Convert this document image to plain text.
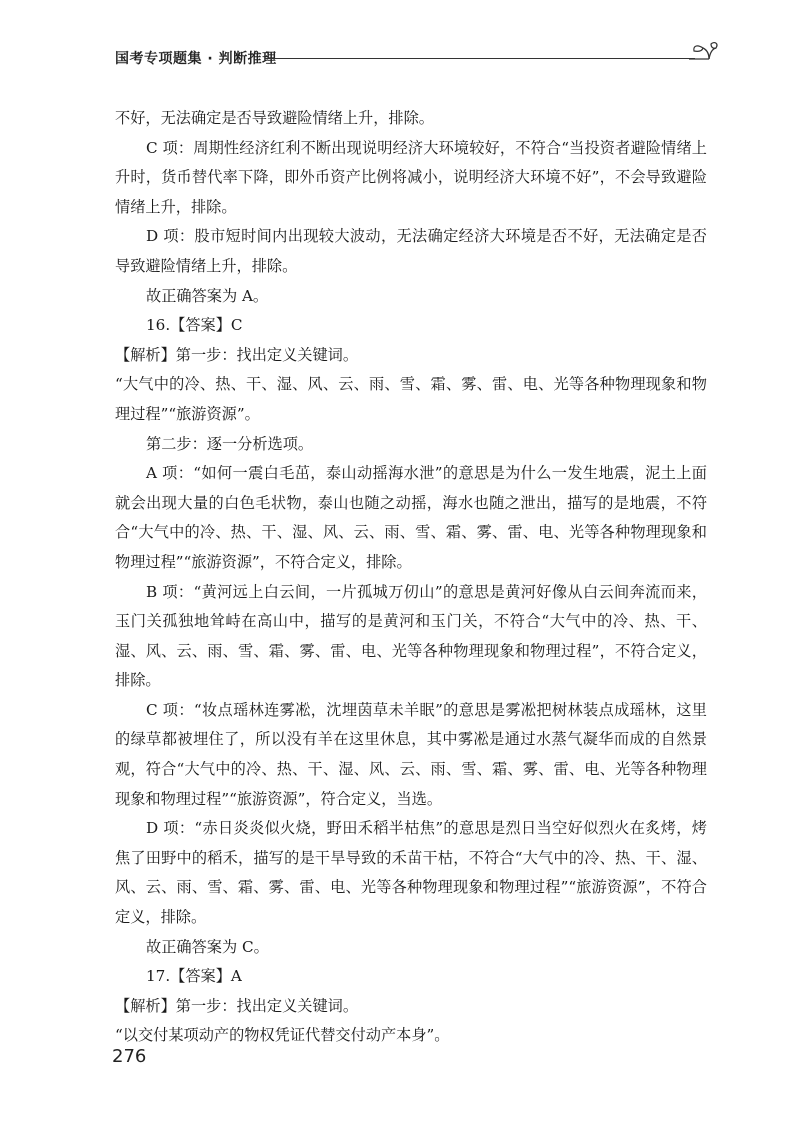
国考专项题集 · 判断推理

不好，无法确定是否导致避险情绪上升，排除。

C 项：周期性经济红利不断出现说明经济大环境较好，不符合“当投资者避险情绪上升时，货币替代率下降，即外币资产比例将减小，说明经济大环境不好”，不会导致避险情绪上升，排除。

D 项：股市短时间内出现较大波动，无法确定经济大环境是否不好，无法确定是否导致避险情绪上升，排除。

故正确答案为 A。

16.【答案】C

【解析】第一步：找出定义关键词。

“大气中的冷、热、干、湿、风、云、雨、雪、霜、雾、雷、电、光等各种物理现象和物理过程”“旅游资源”。

第二步：逐一分析选项。

A 项：“如何一震白毛茁，泰山动摇海水泄”的意思是为什么一发生地震，泥土上面就会出现大量的白色毛状物，泰山也随之动摇，海水也随之泄出，描写的是地震，不符合“大气中的冷、热、干、湿、风、云、雨、雪、霜、雾、雷、电、光等各种物理现象和物理过程”“旅游资源”，不符合定义，排除。

B 项：“黄河远上白云间，一片孤城万仞山”的意思是黄河好像从白云间奔流而来，玉门关孤独地耸峙在高山中，描写的是黄河和玉门关，不符合“大气中的冷、热、干、湿、风、云、雨、雪、霜、雾、雷、电、光等各种物理现象和物理过程”，不符合定义，排除。

C 项：“妆点瑶林连雾凇，沈埋茵草未羊眠”的意思是雾凇把树林装点成瑶林，这里的绿草都被埋住了，所以没有羊在这里休息，其中雾凇是通过水蒸气凝华而成的自然景观，符合“大气中的冷、热、干、湿、风、云、雨、雪、霜、雾、雷、电、光等各种物理现象和物理过程”“旅游资源”，符合定义，当选。

D 项：“赤日炎炎似火烧，野田禾稻半枯焦”的意思是烈日当空好似烈火在炙烤，烤焦了田野中的稻禾，描写的是干旱导致的禾苗干枯，不符合“大气中的冷、热、干、湿、风、云、雨、雪、霜、雾、雷、电、光等各种物理现象和物理过程”“旅游资源”，不符合定义，排除。

故正确答案为 C。

17.【答案】A

【解析】第一步：找出定义关键词。

“以交付某项动产的物权凭证代替交付动产本身”。

276
